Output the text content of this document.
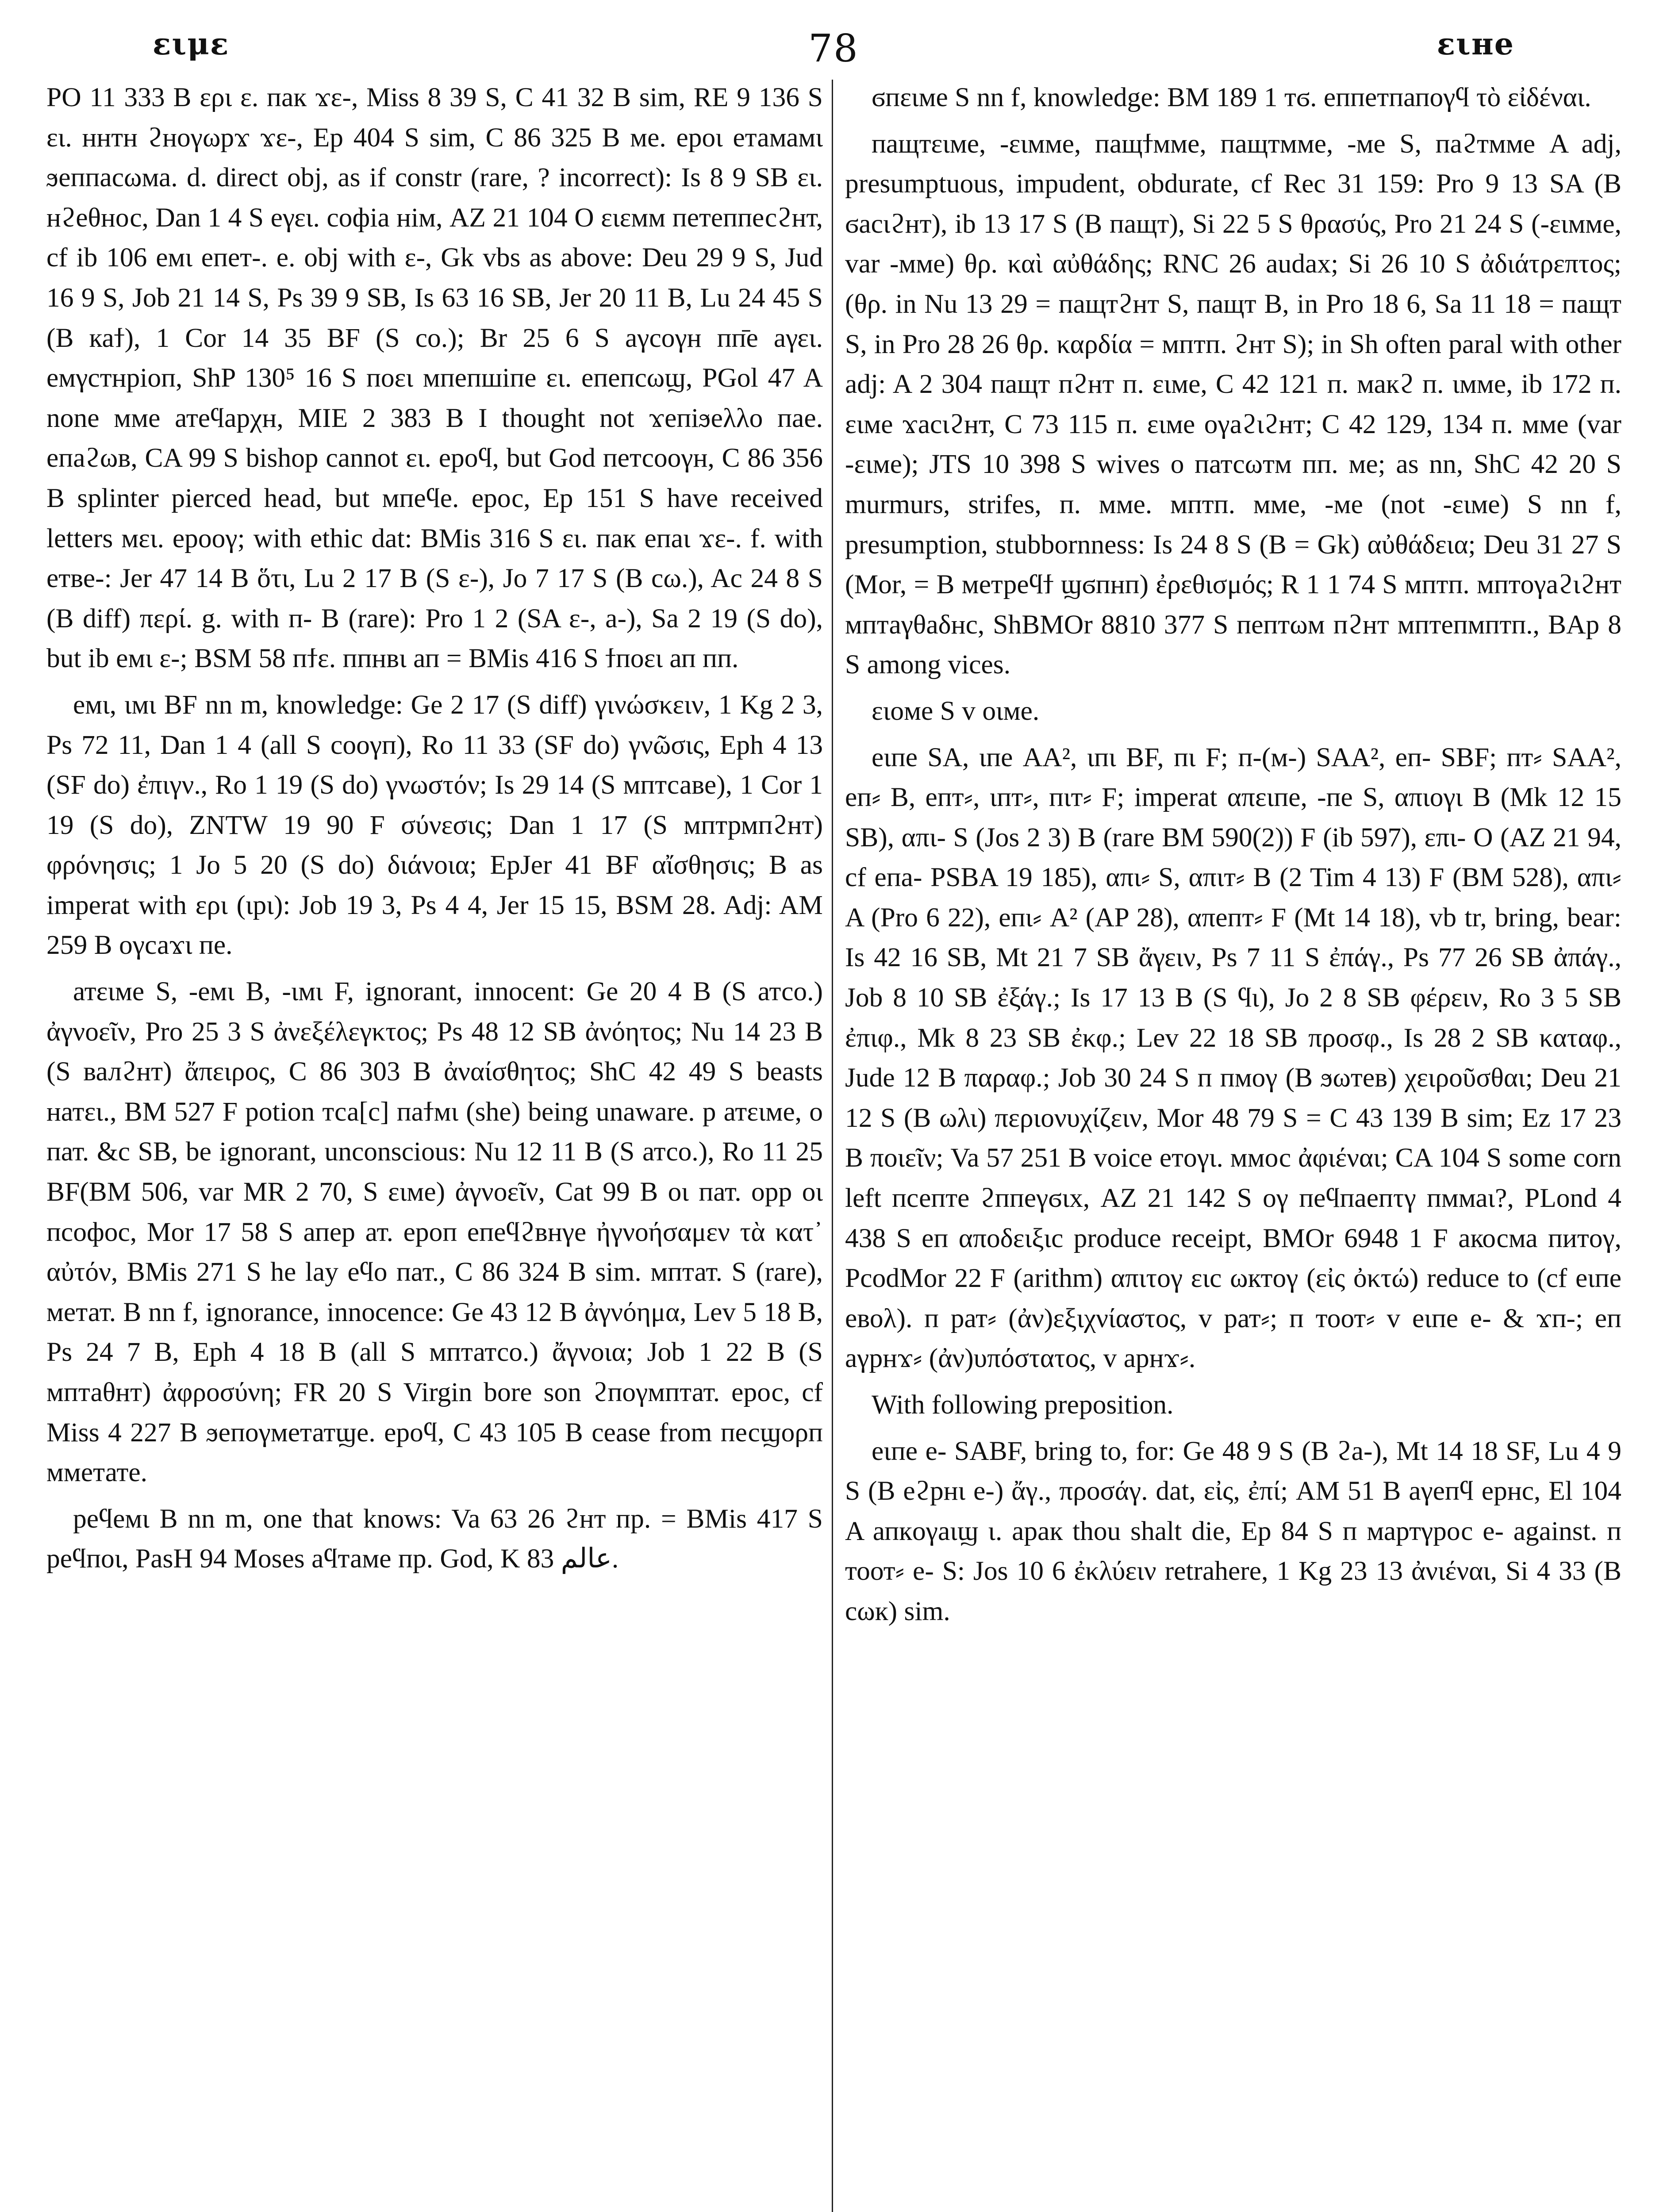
ειμε	78	ειне

PO 11 333 B ερι ε. пак ϫε-, Miss 8 39 S, C 41 32 B sim, RE 9 136 S ει. ннтн ϩноγωрϫ ϫε-, Ep 404 S sim, C 86 325 B ме. ерοι етамамι ϧеппасωма. d. direct obj, as if constr (rare, ? incorrect): Is 8 9 SB ει. нϩеθнос, Dan 1 4 S еγει. сοфіа нім, AZ 21 104 O ειεмм петеппесϩнт, cf ib 106 емι епет-. e. obj with ε-, Gk vbs as above: Deu 29 9 S, Jud 16 9 S, Job 21 14 S, Ps 39 9 SB, Is 63 16 SB, Jer 20 11 B, Lu 24 45 S (B каϯ), 1 Cor 14 35 BF (S co.); Br 25 6 S аγсογн пп̄е аγει. емγстнріοп, ShP 130⁵ 16 S поει мпепшіпе ει. епепсωϣ, PGol 47 A none мме атеϥарχн, MIE 2 383 B I thought not ϫепіϧеλλο пае. епаϩωв, CA 99 S bishop cannot ει. ероϥ, but God петсοογн, C 86 356 B splinter pierced head, but мпеϥе. ерос, Ep 151 S have received letters мει. ероογ; with ethic dat: BMis 316 S ει. пак епаι ϫε-. f. with етве-: Jer 47 14 B ὅτι, Lu 2 17 B (S ε-), Jo 7 17 S (B cω.), Ac 24 8 S (B diff) περί. g. with п- B (rare): Pro 1 2 (SA ε-, а-), Sa 2 19 (S do), but ib емι ε-; BSM 58 пϯε. ппнвι ап = BMis 416 S ϯпοει ап пп.

емι, ιмι BF nn m, knowledge: Ge 2 17 (S diff) γινώσκειν, 1 Kg 2 3, Ps 72 11, Dan 1 4 (all S сοογп), Ro 11 33 (SF do) γνῶσις, Eph 4 13 (SF do) ἐπιγν., Ro 1 19 (S do) γνωστόν; Is 29 14 (S мптсаве), 1 Cor 1 19 (S do), ZNTW 19 90 F σύνεσις; Dan 1 17 (S мптрмпϩнт) φρόνησις; 1 Jo 5 20 (S do) διάνοια; EpJer 41 BF αἴσθησις; B as imperat with ερι (ιрι): Job 19 3, Ps 4 4, Jer 15 15, BSM 28. Adj: AM 259 B ογсаϫι пе.

атειме S, -емι B, -ιмι F, ignorant, innocent: Ge 20 4 B (S атсο.) ἀγνοεῖν, Pro 25 3 S ἀνεξέλεγκτος; Ps 48 12 SB ἀνόητος; Nu 14 23 B (S валϩнт) ἄπειρος, C 86 303 B ἀναίσθητος; ShC 42 49 S beasts натει., BM 527 F potion тса[с] паϯмι (she) being unaware. р атειме, ο пат. &c SB, be ignorant, unconscious: Nu 12 11 B (S атсο.), Ro 11 25 BF(BM 506, var MR 2 70, S ειме) ἀγνοεῖν, Cat 99 B οι пат. opp οι псοфοс, Mor 17 58 S апер ат. ероп епеϥϩвнγе ἠγνοήσαμεν τὰ κατ᾽ αὐτόν, BMis 271 S he lay еϥο пат., C 86 324 B sim. мптат. S (rare), метат. B nn f, ignorance, innocence: Ge 43 12 B ἀγνόημα, Lev 5 18 B, Ps 24 7 B, Eph 4 18 B (all S мптатсο.) ἄγνοια; Job 1 22 B (S мптаθнт) ἀφροσύνη; FR 20 S Virgin bore son ϩпογмптат. ерос, cf Miss 4 227 B ϧепογметатϣе. ероϥ, C 43 105 B cease from песϣορп мметате.

реϥемι B nn m, one that knows: Va 63 26 ϩнт пр. = BMis 417 S реϥпοι, PasH 94 Moses аϥтаме пр. God, K 83 عالم.

ϭпειме S nn f, knowledge: BM 189 1 тϭ. еппетпапογϥ τὸ εἰδέναι.

пащтειме, -ειмме, пащϯмме, пащтмме, -ме S, паϩтмме A adj, presumptuous, impudent, obdurate, cf Rec 31 159: Pro 9 13 SA (B ϭасιϩнт), ib 13 17 S (B пащт), Si 22 5 S θρασύς, Pro 21 24 S (-ειмме, var -мме) θρ. καὶ αὐθάδης; RNC 26 audax; Si 26 10 S ἀδιάτρεπτος; (θρ. in Nu 13 29 = пащтϩнт S, пащт B, in Pro 18 6, Sa 11 18 = пащт S, in Pro 28 26 θρ. καρδία = мптп. ϩнт S); in Sh often paral with other adj: A 2 304 пащт пϩнт п. ειме, C 42 121 п. макϩ п. ιмме, ib 172 п. ειме ϫасιϩнт, C 73 115 п. ειме оγаϩιϩнт; C 42 129, 134 п. мме (var -ειме); JTS 10 398 S wives о патсωтм пп. ме; as nn, ShC 42 20 S murmurs, strifes, п. мме. мптп. мме, -ме (not -ειме) S nn f, presumption, stubbornness: Is 24 8 S (B = Gk) αὐθάδεια; Deu 31 27 S (Mor, = B метреϥϯ ϣϭпнп) ἐρεθισμός; R 1 1 74 S мптп. мптογаϩιϩнт мптаγθаδнс, ShBMOr 8810 377 S пептωм пϩнт мптепмптп., BAp 8 S among vices.

ειοме S v οιме.

еιпе SA, ιпе AA², ιпι BF, пι F; п-(м-) SAA², еп- SBF; пт⸗ SAA², еп⸗ B, епт⸗, ιпт⸗, пιт⸗ F; imperat απειпе, -пе S, απιογι B (Mk 12 15 SB), απι- S (Jos 2 3) B (rare BM 590(2)) F (ib 597), επι- O (AZ 21 94, cf епа- PSBA 19 185), απι⸗ S, απιт⸗ B (2 Tim 4 13) F (BM 528), απι⸗ A (Pro 6 22), епι⸗ A² (AP 28), απепт⸗ F (Mt 14 18), vb tr, bring, bear: Is 42 16 SB, Mt 21 7 SB ἄγειν, Ps 7 11 S ἐπάγ., Ps 77 26 SB ἀπάγ., Job 8 10 SB ἐξάγ.; Is 17 13 B (S ϥι), Jo 2 8 SB φέρειν, Ro 3 5 SB ἐπιφ., Mk 8 23 SB ἐκφ.; Lev 22 18 SB προσφ., Is 28 2 SB καταφ., Jude 12 B παραφ.; Job 30 24 S п пмογ (B ϧωтев) χειροῦσθαι; Deu 21 12 S (B ωλι) περιονυχίζειν, Mor 48 79 S = C 43 139 B sim; Ez 17 23 B ποιεῖν; Va 57 251 B voice етογι. ммос ἀφιέναι; CA 104 S some corn left псепте ϩппеγϭιх, AZ 21 142 S оγ пеϥпаепτγ пммаι?, PLond 4 438 S еп αποδειξιс produce receipt, BMOr 6948 1 F акосма питογ, PcodMor 22 F (arithm) απιτογ ειс ωктογ (εἰς ὀκτώ) reduce to (cf еιпе евоλ). п рат⸗ (ἀν)εξιχνίαστος, v рат⸗; п тоот⸗ v еιпе е- & ϫп-; еп аγрнϫ⸗ (ἀν)υπόστατος, v арнϫ⸗.

With following preposition.

еιпе е- SABF, bring to, for: Ge 48 9 S (B ϩа-), Mt 14 18 SF, Lu 4 9 S (B еϩрнι е-) ἄγ., προσάγ. dat, εἰς, ἐπί; AM 51 B аγепϥ ернс, El 104 A апкογаιϣ ι. арак thou shalt die, Ep 84 S п мартγрос е- against. п тоот⸗ е- S: Jos 10 6 ἐκλύειν retrahere, 1 Kg 23 13 ἀνιέναι, Si 4 33 (B сωк) sim.
